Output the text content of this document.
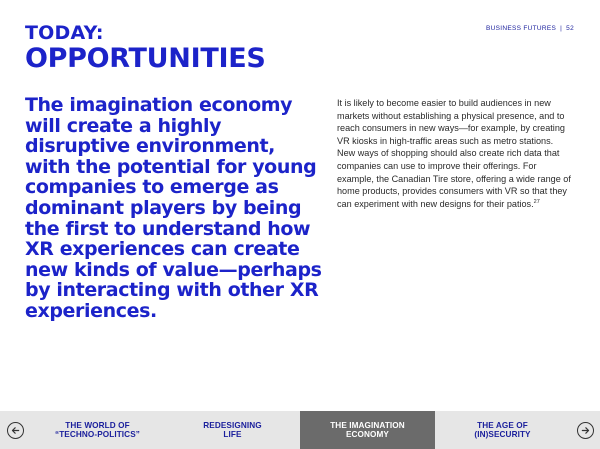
BUSINESS FUTURES | 52
TODAY:
OPPORTUNITIES
The imagination economy will create a highly disruptive environment, with the potential for young companies to emerge as dominant players by being the first to understand how XR experiences can create new kinds of value—perhaps by interacting with other XR experiences.
It is likely to become easier to build audiences in new markets without establishing a physical presence, and to reach consumers in new ways—for example, by creating VR kiosks in high-traffic areas such as metro stations. New ways of shopping should also create rich data that companies can use to improve their offerings. For example, the Canadian Tire store, offering a wide range of home products, provides consumers with VR so that they can experiment with new designs for their patios.$^{27}$
THE WORLD OF
“TECHNO-POLITICS”
REDESIGNING
LIFE
THE IMAGINATION
ECONOMY
THE AGE OF
(IN)SECURITY
